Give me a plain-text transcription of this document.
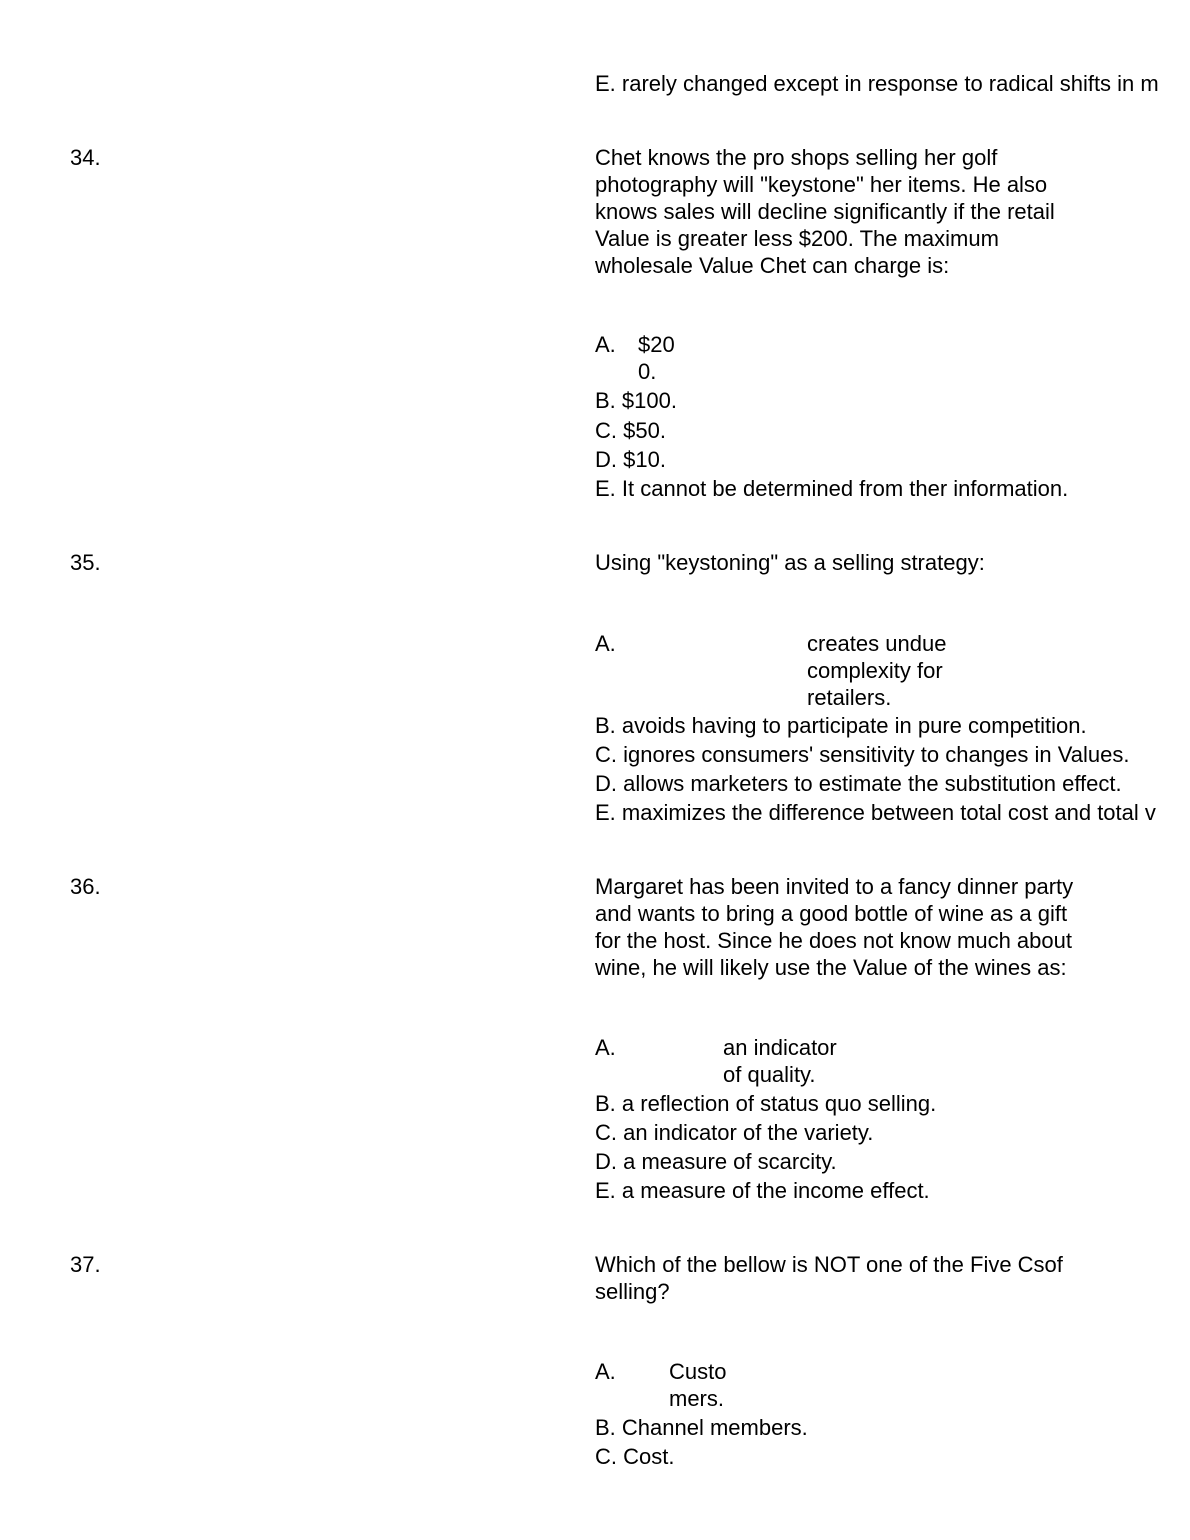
E. rarely changed except in response to radical shifts in m
34.	Chet knows the pro shops selling her golf
photography will "keystone" her items. He also
knows sales will decline significantly if the retail
Value is greater less $200. The maximum
wholesale Value Chet can charge is:
A. $20
0.
B. $100.
C. $50.
D. $10.
E. It cannot be determined from ther information.
35.	Using "keystoning" as a selling strategy:
A.	creates undue
complexity for
retailers.
B. avoids having to participate in pure competition.
C. ignores consumers' sensitivity to changes in Values.
D. allows marketers to estimate the substitution effect.
E. maximizes the difference between total cost and total v
36.	Margaret has been invited to a fancy dinner party
and wants to bring a good bottle of wine as a gift
for the host. Since he does not know much about
wine, he will likely use the Value of the wines as:
A.	an indicator
of quality.
B. a reflection of status quo selling.
C. an indicator of the variety.
D. a measure of scarcity.
E. a measure of the income effect.
37.	Which of the bellow is NOT one of the Five Csof
selling?
A. Custo
mers.
B. Channel members.
C. Cost.
